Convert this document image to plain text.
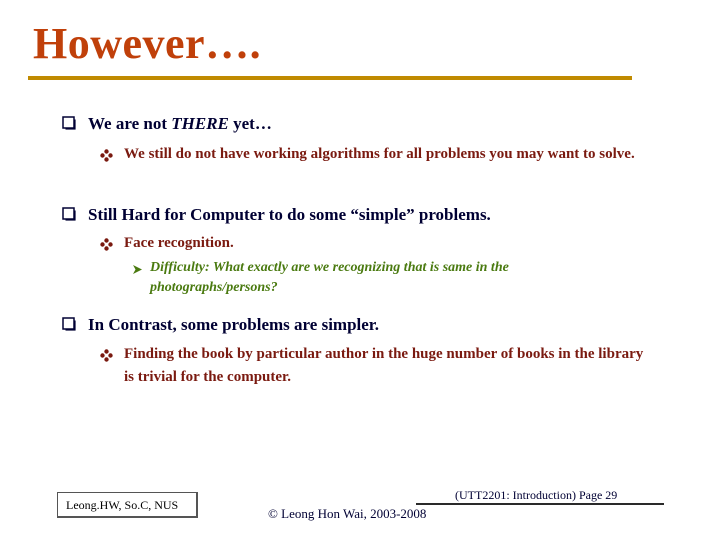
However….
We are not THERE yet…
We still do not have working algorithms for all problems you may want to solve.
Still Hard for Computer to do some “simple” problems.
Face recognition.
Difficulty: What exactly are we recognizing that is same in the photographs/persons?
In Contrast, some problems are simpler.
Finding the book by particular author in the huge number of books in the library is trivial for the computer.
Leong.HW, So.C, NUS
© Leong Hon Wai, 2003-2008
(UTT2201: Introduction) Page 29
